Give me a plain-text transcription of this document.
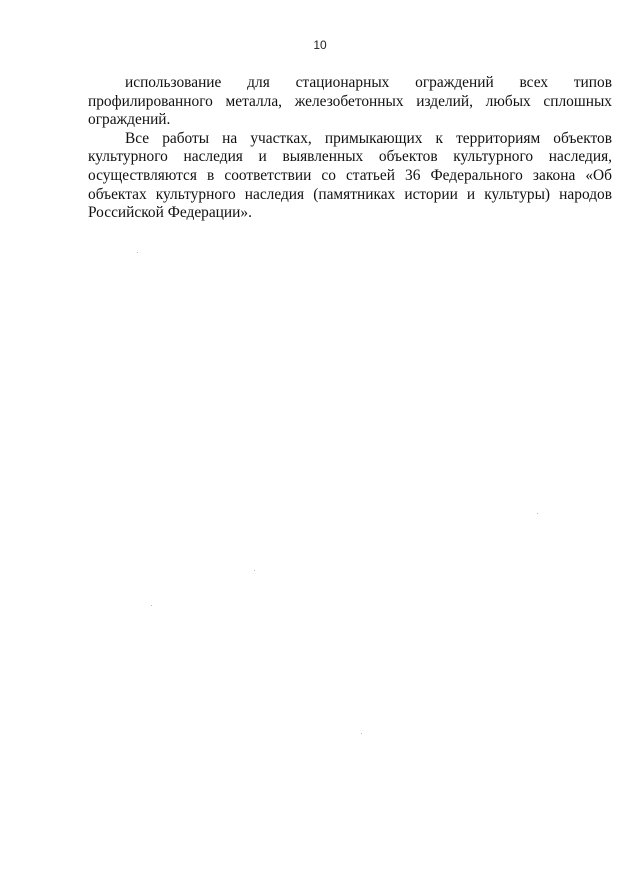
10

использование для стационарных ограждений всех типов профилированного металла, железобетонных изделий, любых сплошных ограждений.

Все работы на участках, примыкающих к территориям объектов культурного наследия и выявленных объектов культурного наследия, осуществляются в соответствии со статьей 36 Федерального закона «Об объектах культурного наследия (памятниках истории и культуры) народов Российской Федерации».
